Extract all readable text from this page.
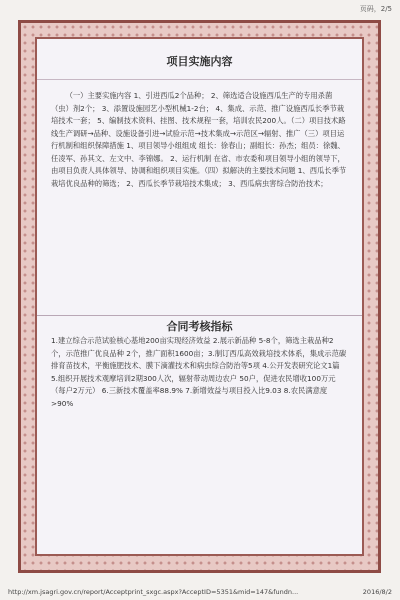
页码，2/5
项目实施内容
（一）主要实施内容 1、引进西瓜2个品种； 2、筛选适合设施西瓜生产的专用杀菌（虫）剂2个； 3、添置设施园艺小型机械1-2台； 4、集成、示范、推广设施西瓜长季节栽培技术一套； 5、编制技术资料、挂图、技术规程一套，培训农民200人。（二）项目技术路线生产调研→品种、设施设备引进→试验示范→技术集成→示范区→辐射、推广（三）项目运行机制和组织保障措施 1、项目领导小组组成 组长：徐春山；副组长：孙杰；组员：徐魏、任凌军、孙其文、左文中、李锦娜。 2、运行机制 在省、市农委和项目领导小组的领导下，由项目负责人具体领导、协调和组织项目实施。（四）拟解决的主要技术问题 1、西瓜长季节栽培优良品种的筛选； 2、西瓜长季节栽培技术集成； 3、西瓜病虫害综合防治技术；
合同考核指标
1.建立综合示范试验核心基地200亩实现经济效益 2.展示新品种 5-8个，筛选主栽品种2个，示范推广优良品种 2个，推广面积1600亩；3.制订西瓜高效栽培技术体系，集成示范碳排育苗技术，平衡施肥技术、膜下滴灌技术和病虫综合防治等5项 4.公开发表研究论文1篇 5.组织开展技术观摩培训2期300人次，辐射带动周边农户 50户，促进农民增收100万元（每户2万元） 6.三新技术覆盖率88.9% 7.新增效益与项目投入比9.03 8.农民满意度>90%
http://xm.jsagri.gov.cn/report/Acceptprint_sxgc.aspx?AcceptID=5351&mid=147&fundn...	2016/8/2
